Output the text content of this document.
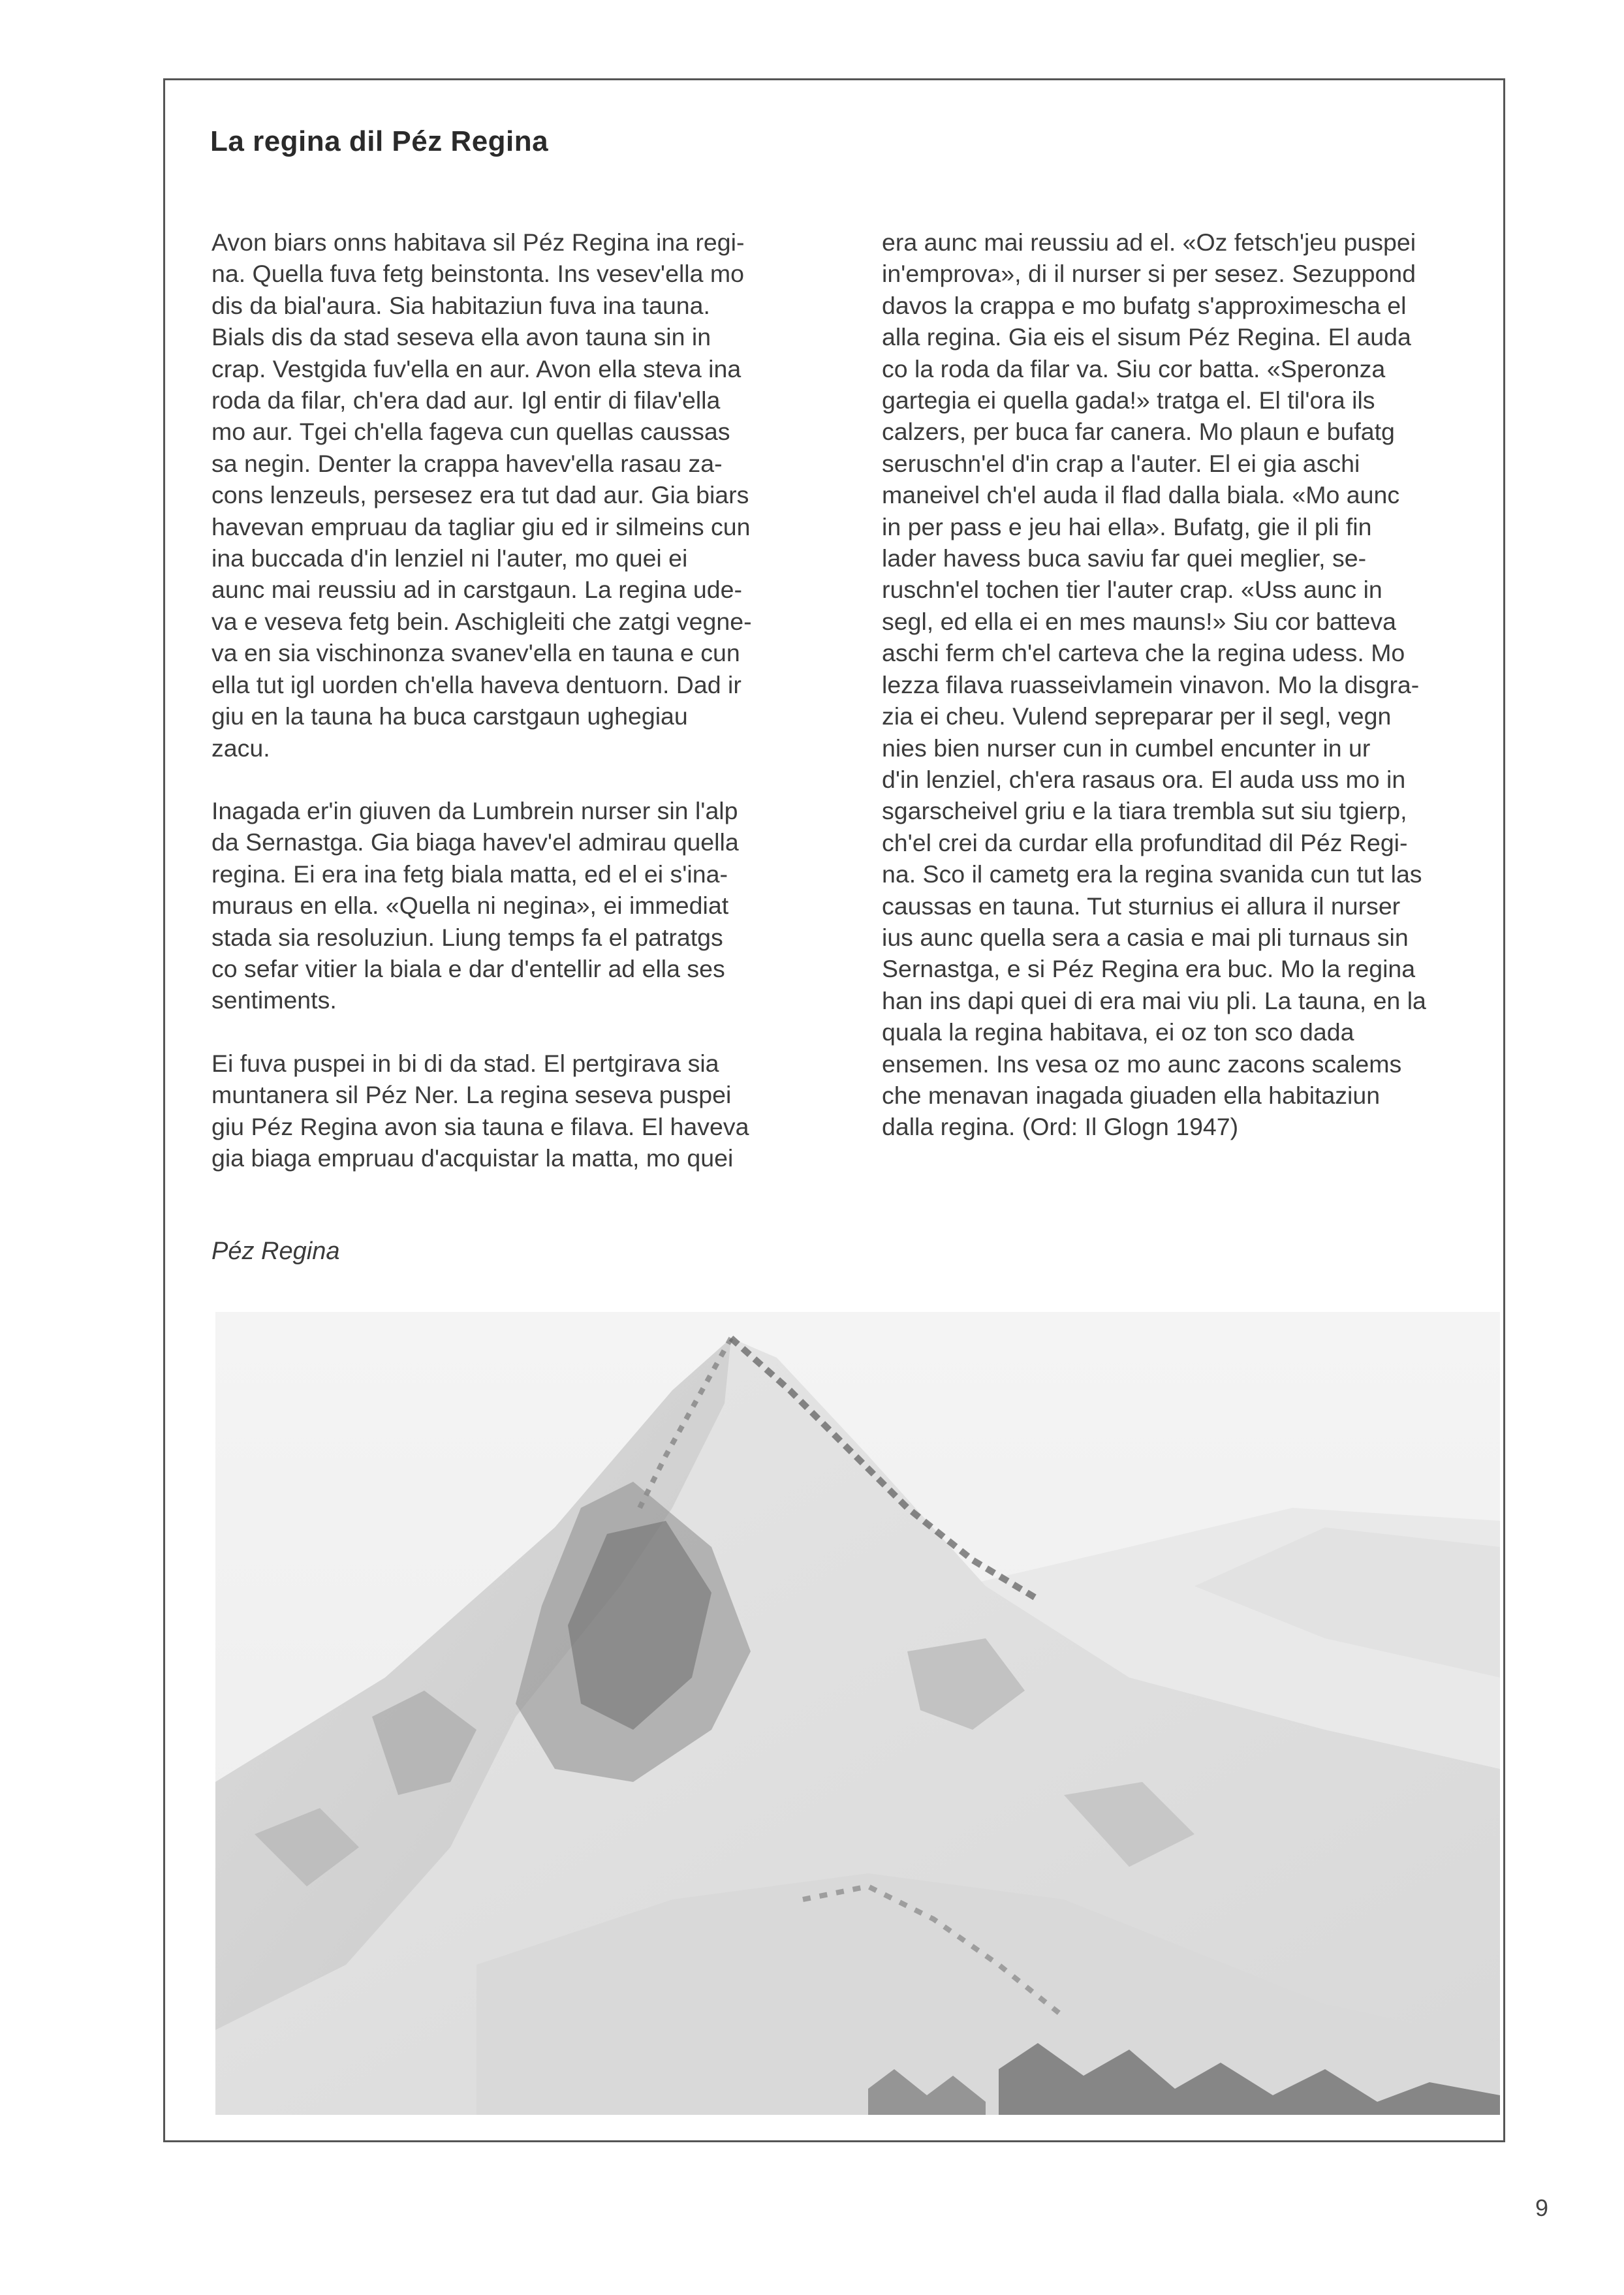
La regina dil Péz Regina

Avon biars onns habitava sil Péz Regina ina regi-
na. Quella fuva fetg beinstonta. Ins vesev'ella mo
dis da bial'aura. Sia habitaziun fuva ina tauna.
Bials dis da stad seseva ella avon tauna sin in
crap. Vestgida fuv'ella en aur. Avon ella steva ina
roda da filar, ch'era dad aur. Igl entir di filav'ella
mo aur. Tgei ch'ella fageva cun quellas caussas
sa negin. Denter la crappa havev'ella rasau za-
cons lenzeuls, persesez era tut dad aur. Gia biars
havevan empruau da tagliar giu ed ir silmeins cun
ina buccada d'in lenziel ni l'auter, mo quei ei
aunc mai reussiu ad in carstgaun. La regina ude-
va e veseva fetg bein. Aschigleiti che zatgi vegne-
va en sia vischinonza svanev'ella en tauna e cun
ella tut igl uorden ch'ella haveva dentuorn. Dad ir
giu en la tauna ha buca carstgaun ughegiau
zacu.

Inagada er'in giuven da Lumbrein nurser sin l'alp
da Sernastga. Gia biaga havev'el admirau quella
regina. Ei era ina fetg biala matta, ed el ei s'ina-
muraus en ella. «Quella ni negina», ei immediat
stada sia resoluziun. Liung temps fa el patratgs
co sefar vitier la biala e dar d'entellir ad ella ses
sentiments.

Ei fuva puspei in bi di da stad. El pertgirava sia
muntanera sil Péz Ner. La regina seseva puspei
giu Péz Regina avon sia tauna e filava. El haveva
gia biaga empruau d'acquistar la matta, mo quei

era aunc mai reussiu ad el. «Oz fetsch'jeu puspei
in'emprova», di il nurser si per sesez. Sezuppond
davos la crappa e mo bufatg s'approximescha el
alla regina. Gia eis el sisum Péz Regina. El auda
co la roda da filar va. Siu cor batta. «Speronza
gartegia ei quella gada!» tratga el. El til'ora ils
calzers, per buca far canera. Mo plaun e bufatg
seruschn'el d'in crap a l'auter. El ei gia aschi
maneivel ch'el auda il flad dalla biala. «Mo aunc
in per pass e jeu hai ella». Bufatg, gie il pli fin
lader havess buca saviu far quei meglier, se-
ruschn'el tochen tier l'auter crap. «Uss aunc in
segl, ed ella ei en mes mauns!» Siu cor batteva
aschi ferm ch'el carteva che la regina udess. Mo
lezza filava ruasseivlamein vinavon. Mo la disgra-
zia ei cheu. Vulend sepreparar per il segl, vegn
nies bien nurser cun in cumbel encunter in ur
d'in lenziel, ch'era rasaus ora. El auda uss mo in
sgarscheivel griu e la tiara trembla sut siu tgierp,
ch'el crei da curdar ella profunditad dil Péz Regi-
na. Sco il cametg era la regina svanida cun tut las
caussas en tauna. Tut sturnius ei allura il nurser
ius aunc quella sera a casia e mai pli turnaus sin
Sernastga, e si Péz Regina era buc. Mo la regina
han ins dapi quei di era mai viu pli. La tauna, en la
quala la regina habitava, ei oz ton sco dada
ensemen. Ins vesa oz mo aunc zacons scalems
che menavan inagada giuaden ella habitaziun
dalla regina. (Ord: Il Glogn 1947)

Péz Regina

9
